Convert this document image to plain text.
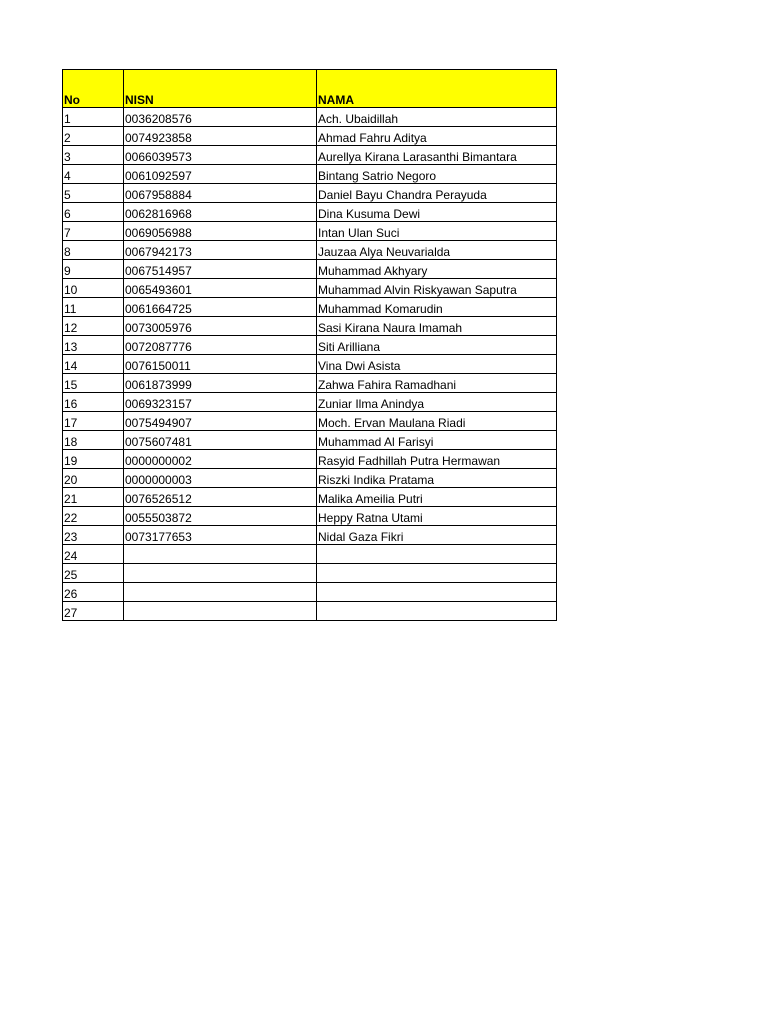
No	NISN	NAMA
1	0036208576	Ach. Ubaidillah
2	0074923858	Ahmad Fahru Aditya
3	0066039573	Aurellya Kirana Larasanthi Bimantara
4	0061092597	Bintang Satrio Negoro
5	0067958884	Daniel Bayu Chandra Perayuda
6	0062816968	Dina Kusuma Dewi
7	0069056988	Intan Ulan Suci
8	0067942173	Jauzaa Alya Neuvarialda
9	0067514957	Muhammad Akhyary
10	0065493601	Muhammad Alvin Riskyawan Saputra
11	0061664725	Muhammad Komarudin
12	0073005976	Sasi Kirana Naura Imamah
13	0072087776	Siti Arilliana
14	0076150011	Vina Dwi Asista
15	0061873999	Zahwa Fahira Ramadhani
16	0069323157	Zuniar Ilma Anindya
17	0075494907	Moch. Ervan Maulana Riadi
18	0075607481	Muhammad Al Farisyi
19	0000000002	Rasyid Fadhillah Putra Hermawan
20	0000000003	Riszki Indika Pratama
21	0076526512	Malika Ameilia Putri
22	0055503872	Heppy Ratna Utami
23	0073177653	Nidal Gaza Fikri
24		
25		
26		
27		
